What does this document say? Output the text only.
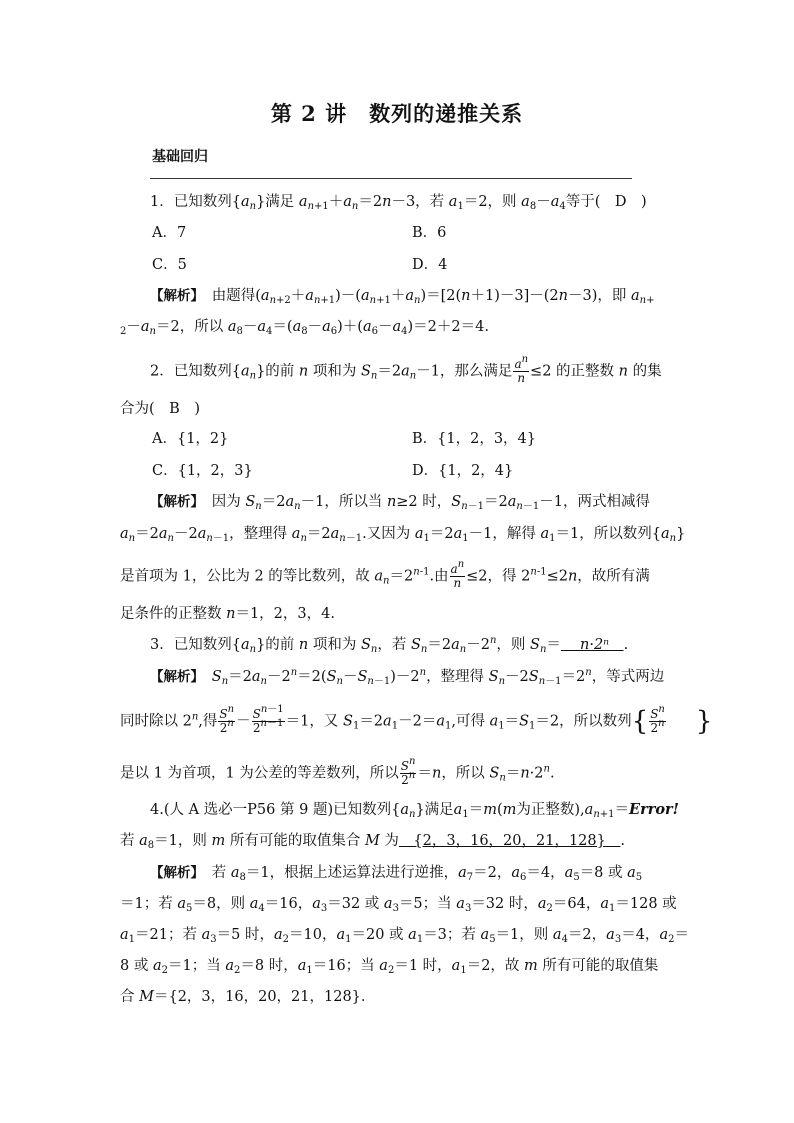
第 2 讲　数列的递推关系
基础回归
1．已知数列$\{a_n\}$满足 $a_{n+1}+a_n=2n-3$，若 $a_1=2$，则 $a_8-a_4$等于(　D　)
A．7	B．6
C．5	D．4
【解析】　由题得$(a_{n+2}+a_{n+1})-(a_{n+1}+a_n)=[2(n+1)-3]-(2n-3)$，即 $a_{n+}$
$_2-a_n=2$，所以 $a_8-a_4=(a_8-a_6)+(a_6-a_4)=2+2=4$.
2．已知数列$\{a_n\}$的前 n 项和为 $S_n=2a_n-1$，那么满足 $\frac{a^n}{n} \le 2$ 的正整数 n 的集
合为(　B　)
A．{1，2}	B．{1，2，3，4}
C．{1，2，3}	D．{1，2，4}
【解析】　因为 $S_n=2a_n-1$，所以当 n≥2 时，$S_{n-1}=2a_{n-1}-1$，两式相减得
$a_n=2a_n-2a_{n-1}$，整理得 $a_n=2a_{n-1}$.又因为 $a_1=2a_1-1$，解得 $a_1=1$，所以数列$\{a_n\}$
是首项为 1，公比为 2 的等比数列，故 $a_n=2^{n-1}$.由 $\frac{a^n}{n} \le 2$，得 $2^{n-1}\le 2n$，故所有满
足条件的正整数 n＝1，2，3，4.
3．已知数列$\{a_n\}$的前 n 项和为 $S_n$，若 $S_n=2a_n-2^n$，则 $S_n=$　 n·2ⁿ　 .
【解析】　 $S_n=2a_n-2^n=2(S_n-S_{n-1})-2^n$，整理得 $S_n-2S_{n-1}=2^n$，等式两边
同时除以 2$^n$,得 $\frac{S^n}{2^n} - \frac{S^{n-1}}{2^{n-1}} =1$，又 $S_1=2a_1-2=a_1$,可得 $a_1=S_1=2$，所以数列{ $\frac{S^n}{2^n}$
　　 }
是以 1 为首项，1 为公差的等差数列，所以 $\frac{S^n}{2^n} =n$，所以 $S_n=n\cdot 2^n$.
4.(人 A 选必一P56 第 9 题)已知数列$\{a_n\}$满足$a_1=m(m$为正整数)$,a_{n+1}=Error$!
若 $a_8=1$，则 m 所有可能的取值集合 M 为　 {2，3，16，20，21，128}　 .
【解析】　若 $a_8=1$，根据上述运算法进行逆推，$a_7=2$，$a_6=4$，$a_5=8$ 或 $a_5$
＝1；若 $a_5=8$，则 $a_4=16$，$a_3=32$ 或 $a_3=5$；当 $a_3=32$ 时，$a_2=64$，$a_1=128$ 或
$a_1=21$；若 $a_3=5$ 时，$a_2=10$，$a_1=20$ 或 $a_1=3$；若 $a_5=1$，则 $a_4=2$，$a_3=4$，$a_2=$
8 或 $a_2=1$；当 $a_2=8$ 时，$a_1=16$；当 $a_2=1$ 时，$a_1=2$，故 m 所有可能的取值集
合 M＝{2，3，16，20，21，128}．
